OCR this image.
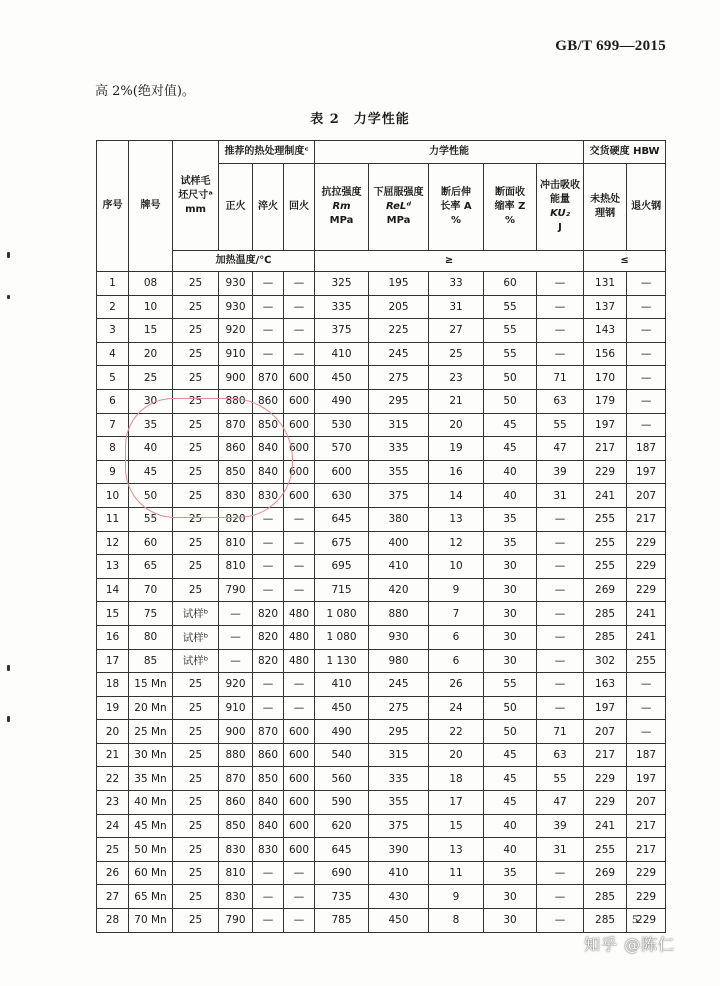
GB/T 699—2015
高 2%(绝对值)。
表 2　力学性能
序号	牌号	试样毛
坯尺寸ᵃ
mm	推荐的热处理制度ᶜ			力学性能					交货硬度 HBW	
			正火	淬火	回火	抗拉强度
Rm
MPa	下屈服强度
ReLᵈ
MPa	断后伸
长率 A
%	断面收
缩率 Z
%	冲击吸收
能量
KU₂
J	未热处
理钢	退火钢
		加热温度/℃				≥					≤	
1	08	25	930	—	—	325	195	33	60	—	131	—
2	10	25	930	—	—	335	205	31	55	—	137	—
3	15	25	920	—	—	375	225	27	55	—	143	—
4	20	25	910	—	—	410	245	25	55	—	156	—
5	25	25	900	870	600	450	275	23	50	71	170	—
6	30	25	880	860	600	490	295	21	50	63	179	—
7	35	25	870	850	600	530	315	20	45	55	197	—
8	40	25	860	840	600	570	335	19	45	47	217	187
9	45	25	850	840	600	600	355	16	40	39	229	197
10	50	25	830	830	600	630	375	14	40	31	241	207
11	55	25	820	—	—	645	380	13	35	—	255	217
12	60	25	810	—	—	675	400	12	35	—	255	229
13	65	25	810	—	—	695	410	10	30	—	255	229
14	70	25	790	—	—	715	420	9	30	—	269	229
15	75	试样ᵇ	—	820	480	1 080	880	7	30	—	285	241
16	80	试样ᵇ	—	820	480	1 080	930	6	30	—	285	241
17	85	试样ᵇ	—	820	480	1 130	980	6	30	—	302	255
18	15 Mn	25	920	—	—	410	245	26	55	—	163	—
19	20 Mn	25	910	—	—	450	275	24	50	—	197	—
20	25 Mn	25	900	870	600	490	295	22	50	71	207	—
21	30 Mn	25	880	860	600	540	315	20	45	63	217	187
22	35 Mn	25	870	850	600	560	335	18	45	55	229	197
23	40 Mn	25	860	840	600	590	355	17	45	47	229	207
24	45 Mn	25	850	840	600	620	375	15	40	39	241	217
25	50 Mn	25	830	830	600	645	390	13	40	31	255	217
26	60 Mn	25	810	—	—	690	410	11	35	—	269	229
27	65 Mn	25	830	—	—	735	430	9	30	—	285	229
28	70 Mn	25	790	—	—	785	450	8	30	—	285	229
5
知乎 @陈仁
